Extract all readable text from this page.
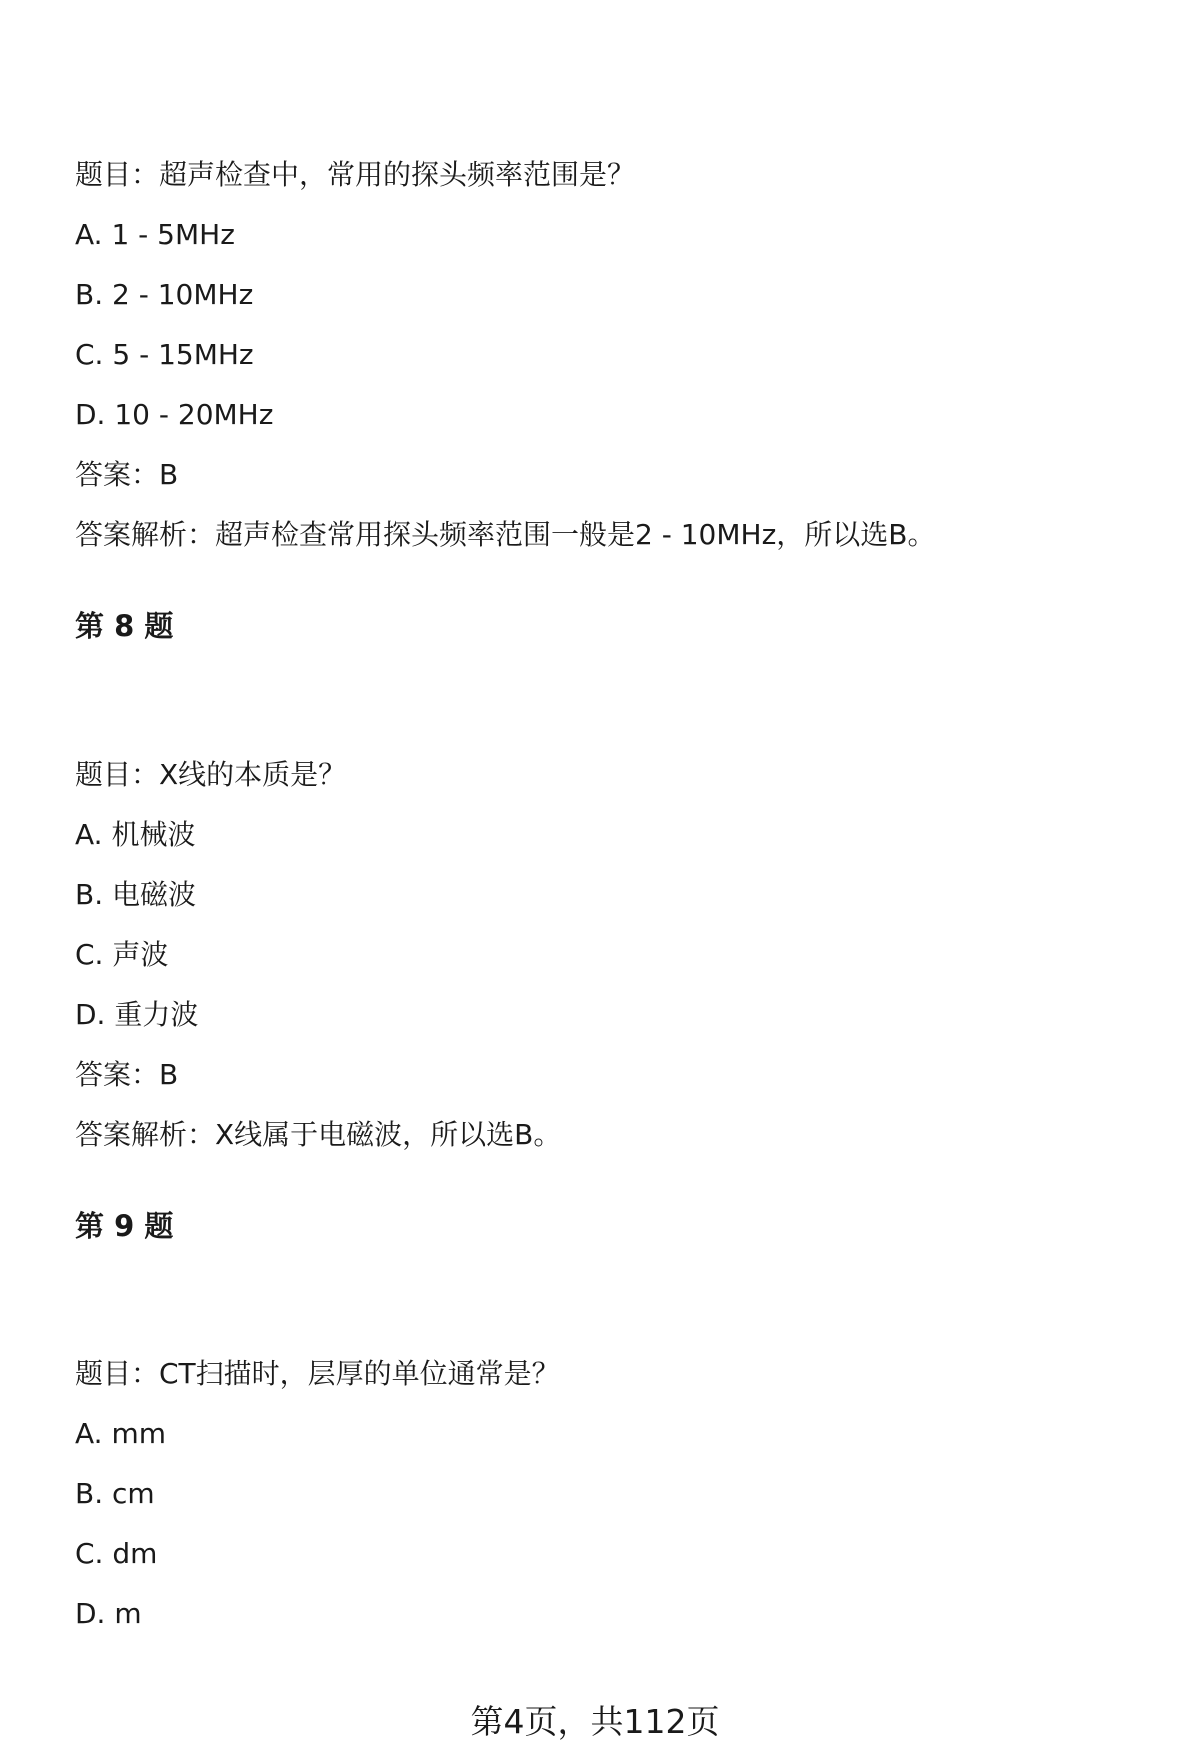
题目：超声检查中，常用的探头频率范围是？
A. 1 - 5MHz
B. 2 - 10MHz
C. 5 - 15MHz
D. 10 - 20MHz
答案：B
答案解析：超声检查常用探头频率范围一般是2 - 10MHz，所以选B。
第 8 题
题目：X线的本质是？
A. 机械波
B. 电磁波
C. 声波
D. 重力波
答案：B
答案解析：X线属于电磁波，所以选B。
第 9 题
题目：CT扫描时，层厚的单位通常是？
A. mm
B. cm
C. dm
D. m
第4页，共112页
